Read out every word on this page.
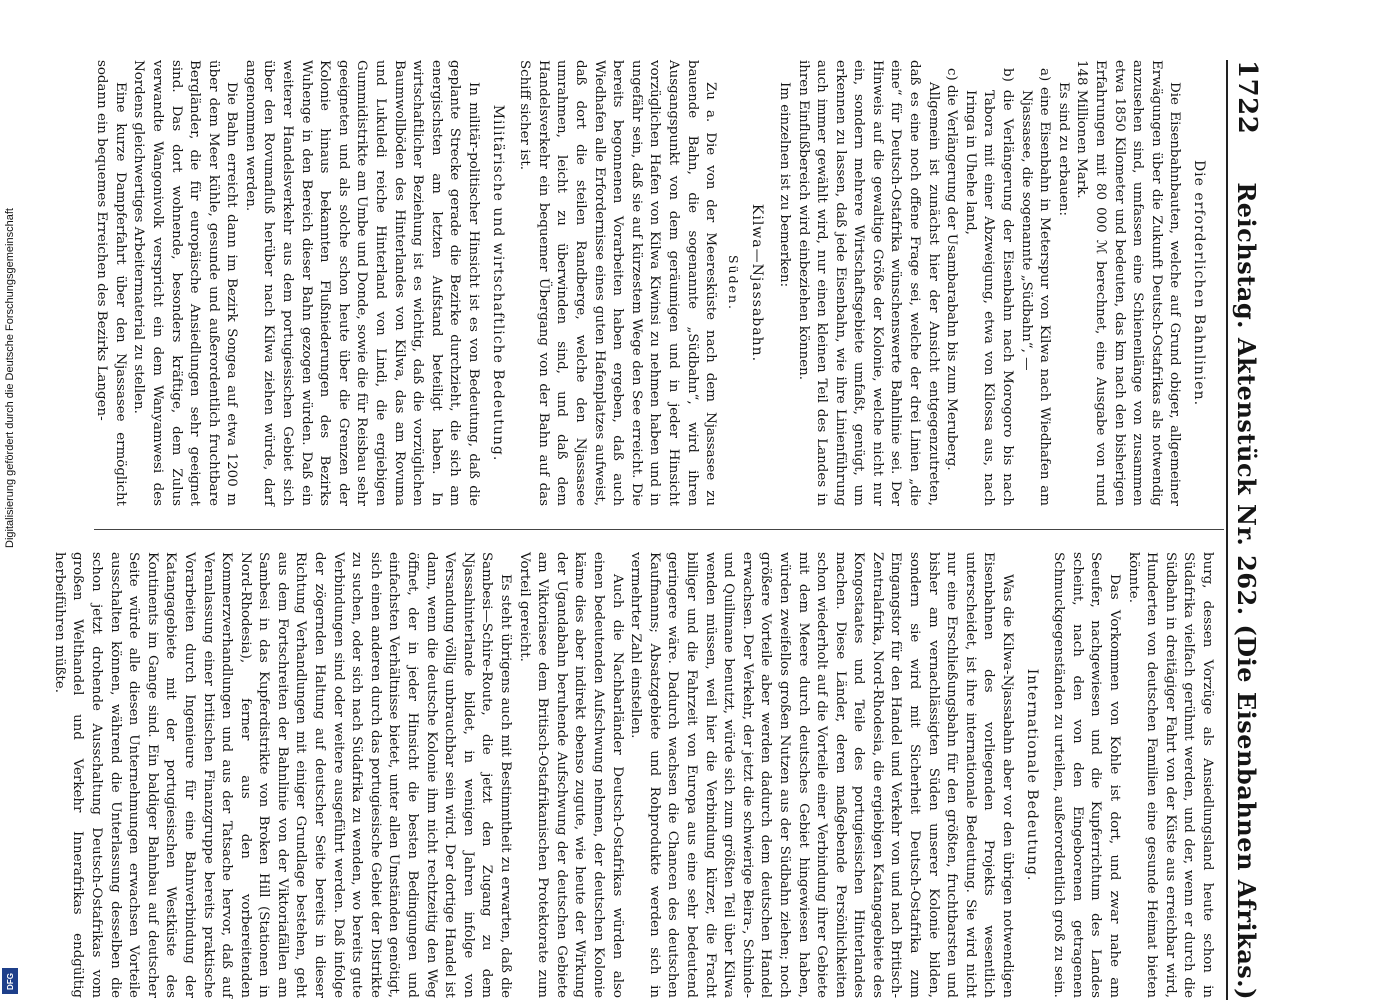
1722
Reichstag. Aktenstück Nr. 262. (Die Eisenbahnen Afrikas.)
Die erforderlichen Bahnlinien.

Die Eisenbahnbauten, welche auf Grund obiger, allgemeiner Erwägungen über die Zukunft Deutsch-Ostafrikas als notwendig anzusehen sind, umfassen eine Schienenlänge von zusammen etwa 1850 Kilometer und bedeuten, das km nach den bisherigen Erfahrungen mit 80 000 ℳ berechnet, eine Ausgabe von rund 148 Millionen Mark.

Es sind zu erbauen:

a) eine Eisenbahn in Meterspur von Kilwa nach Wiedhafen am Njassasee, die sogenannte „Südbahn“, —

b) die Verlängerung der Eisenbahn nach Morogoro bis nach Tabora mit einer Abzweigung, etwa von Kilossa aus, nach Iringa in Uhehe land,

c) die Verlängerung der Usambarabahn bis zum Meruberg.

Allgemein ist zunächst hier der Ansicht entgegenzutreten, daß es eine noch offene Frage sei, welche der drei Linien „die eine“ für Deutsch-Ostafrika wünschenswerte Bahnlinie sei. Der Hinweis auf die gewaltige Größe der Kolonie, welche nicht nur ein, sondern mehrere Wirtschaftsgebiete umfaßt, genügt, um erkennen zu lassen, daß jede Eisenbahn, wie ihre Linienführung auch immer gewählt wird, nur einen kleinen Teil des Landes in ihren Einflußbereich wird einbeziehen können.

Im einzelnen ist zu bemerken:

Kilwa—Njassabahn.
Süden.

Zu a. Die von der Meeresküste nach dem Njassasee zu bauende Bahn, die sogenannte „Südbahn“, wird ihren Ausgangspunkt von dem geräumigen und in jeder Hinsicht vorzüglichen Hafen von Kilwa Kiwinsi zu nehmen haben und in ungefähr sein, daß sie auf kürzestem Wege den See erreicht. Die bereits begonnenen Vorarbeiten haben ergeben, daß auch Wiedhafen alle Erfordernisse eines guten Hafenplatzes aufweist, daß dort die steilen Randberge, welche den Njassasee umrahmen, leicht zu überwinden sind, und daß dem Handelsverkehr ein bequemer Übergang von der Bahn auf das Schiff sicher ist.

Militärische und wirtschaftliche Bedeutung.

In militär-politischer Hinsicht ist es von Bedeutung, daß die geplante Strecke gerade die Bezirke durchzieht, die sich am energischsten am letzten Aufstand beteiligt haben. In wirtschaftlicher Beziehung ist es wichtig, daß die vorzüglichen Baumwollböden des Hinterlandes von Kilwa, das am Rovuma und Lukuledi reiche Hinterland von Lindi, die ergiebigen Gummidistrikte am Umbe und Donde, sowie die für Reisbau sehr geeigneten und als solche schon heute über die Grenzen der Kolonie hinaus bekannten Flußniederungen des Bezirks Wuhenge in den Bereich dieser Bahn gezogen würden. Daß ein weiterer Handelsverkehr aus dem portugiesischen Gebiet sich über den Rovumafluß herüber nach Kilwa ziehen würde, darf angenommen werden.

Die Bahn erreicht dann im Bezirk Songea auf etwa 1200 m über dem Meer kühle, gesunde und außerordentlich fruchtbare Bergländer, die für europäische Ansiedlungen sehr geeignet sind. Das dort wohnende, besonders kräftige, dem Zulus verwandte Wangonivolk verspricht ein dem Wanyamwesi des Nordens gleichwertiges Arbeitermaterial zu stellen.

Eine kurze Dampferfahrt über den Njassasee ermöglicht sodann ein bequemes Erreichen des Bezirks Langen-

burg, dessen Vorzüge als Ansiedlungsland heute schon in Südafrika vielfach gerühmt werden, und der, wenn er durch die Südbahn in dreitägiger Fahrt von der Küste aus erreichbar wird, Hunderten von deutschen Familien eine gesunde Heimat bieten könnte.

Das Vorkommen von Kohle ist dort, und zwar nahe am Seeufer, nachgewiesen und die Kupferrichtum des Landes scheint, nach den von den Eingeborenen getragenen Schmuckgegenständen zu urteilen, außerordentlich groß zu sein.

Internationale Bedeutung.

Was die Kilwa-Njassabahn aber vor den übrigen notwendigen Eisenbahnen des vorliegenden Projekts wesentlich unterscheidet, ist ihre internationale Bedeutung. Sie wird nicht nur eine Erschließungsbahn für den größten, fruchtbarsten und bisher am vernachlässigten Süden unserer Kolonie bilden, sondern sie wird mit Sicherheit Deutsch-Ostafrika zum Eingangstor für den Handel und Verkehr von und nach Britisch-Zentralafrika, Nord-Rhodesia, die ergiebigen Katangagebiete des Kongostaates und Teile des portugiesischen Hinterlandes machen. Diese Länder, deren maßgebende Persönlichkeiten schon wiederholt auf die Vorteile einer Verbindung ihrer Gebiete mit dem Meere durch deutsches Gebiet hingewiesen haben, würden zweifellos großen Nutzen aus der Südbahn ziehen; noch größere Vorteile aber werden dadurch dem deutschen Handel erwachsen. Der Verkehr, der jetzt die schwierige Beira-, Schinde- und Quilimane benutzt, würde sich zum größten Teil über Kilwa wenden müssen, weil hier die Verbindung kürzer, die Fracht billiger und die Fahrzeit von Europa aus eine sehr bedeutend geringere wäre. Dadurch wachsen die Chancen des deutschen Kaufmanns; Absatzgebiete und Rohprodukte werden sich in vermehrter Zahl einstellen.

Auch die Nachbarländer Deutsch-Ostafrikas würden also einen bedeutenden Aufschwung nehmen, der deutschen Kolonie käme dies aber indirekt ebenso zugute, wie heute der Wirkung der Ugandabahn beruhende Aufschwung der deutschen Gebiete am Viktoriasee dem Britisch-Ostafrikanischen Protektorate zum Vorteil gereicht.

Es steht übrigens auch mit Bestimmtheit zu erwarten, daß die Sambesi—Schire-Route, die jetzt den Zugang zu dem Njassahinterlande bildet, in wenigen Jahren infolge von Versandung völlig unbrauchbar sein wird. Der dortige Handel ist dann, wenn die deutsche Kolonie ihm nicht rechtzeitig den Weg öffnet, der in jeder Hinsicht die besten Bedingungen und einfachsten Verhältnisse bietet, unter allen Umständen genötigt, sich einen anderen durch das portugiesische Gebiet der Distrikte zu suchen, oder sich nach Südafrika zu wenden, wo bereits gute Verbindungen sind oder weitere ausgeführt werden. Daß infolge der zögernden Haltung auf deutscher Seite bereits in dieser Richtung Verhandlungen mit einiger Grundlage bestehen, geht aus dem Fortschreiten der Bahnlinie von der Viktoriafällen am Sambesi in das Kupferdistrikte von Broken Hill (Stationen in Nord-Rhodesia), ferner aus den vorbereitenden Kommerzverhandlungen und aus der Tatsache hervor, daß auf Veranlassung einer britischen Finanzgruppe bereits praktische Vorarbeiten durch Ingenieure für eine Bahnverbindung der Katangagebiete mit der portugiesischen Westküste des Kontinents im Gange sind. Ein baldiger Bahnbau auf deutscher Seite würde alle diesen Unternehmungen erwachsen Vorteile ausschalten können, während die Unterlassung desselben die schon jetzt drohende Ausschaltung Deutsch-Ostafrikas vom großen Welthandel und Verkehr Innerafrikas endgültig herbeiführen müßte.

Digitalisierung gefördert durch die Deutsche Forschungsgemeinschaft
DFG
